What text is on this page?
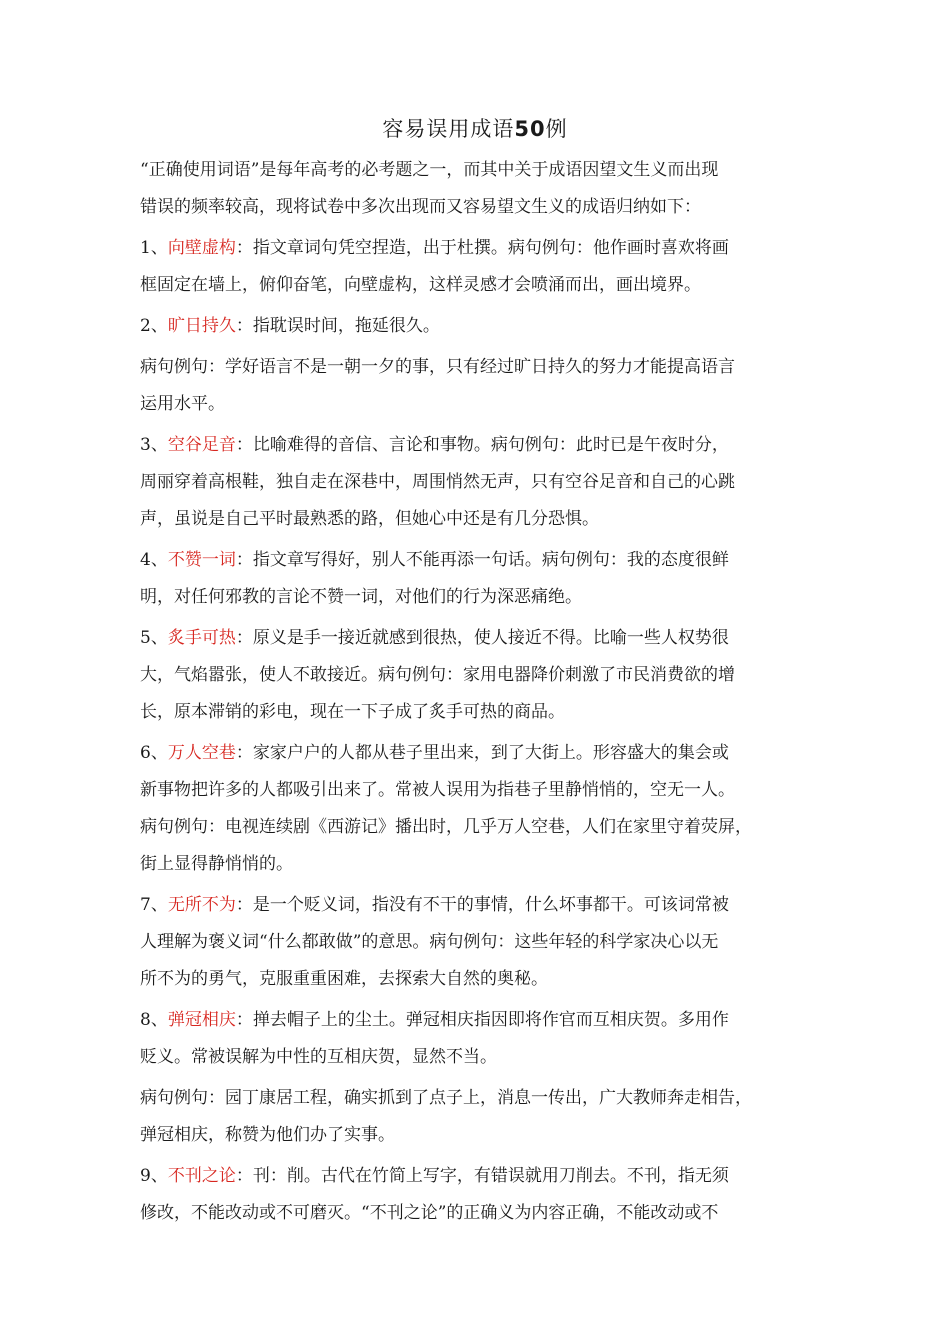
容易误用成语50例

“正确使用词语”是每年高考的必考题之一，而其中关于成语因望文生义而出现
错误的频率较高，现将试卷中多次出现而又容易望文生义的成语归纳如下：

1、向壁虚构：指文章词句凭空捏造，出于杜撰。病句例句：他作画时喜欢将画
框固定在墙上，俯仰奋笔，向壁虚构，这样灵感才会喷涌而出，画出境界。

2、旷日持久：指耽误时间，拖延很久。

病句例句：学好语言不是一朝一夕的事，只有经过旷日持久的努力才能提高语言
运用水平。

3、空谷足音：比喻难得的音信、言论和事物。病句例句：此时已是午夜时分，
周丽穿着高根鞋，独自走在深巷中，周围悄然无声，只有空谷足音和自己的心跳
声，虽说是自己平时最熟悉的路，但她心中还是有几分恐惧。

4、不赞一词：指文章写得好，别人不能再添一句话。病句例句：我的态度很鲜
明，对任何邪教的言论不赞一词，对他们的行为深恶痛绝。

5、炙手可热：原义是手一接近就感到很热，使人接近不得。比喻一些人权势很
大，气焰嚣张，使人不敢接近。病句例句：家用电器降价刺激了市民消费欲的增
长，原本滞销的彩电，现在一下子成了炙手可热的商品。

6、万人空巷：家家户户的人都从巷子里出来，到了大街上。形容盛大的集会或
新事物把许多的人都吸引出来了。常被人误用为指巷子里静悄悄的，空无一人。
病句例句：电视连续剧《西游记》播出时，几乎万人空巷，人们在家里守着荧屏，
街上显得静悄悄的。

7、无所不为：是一个贬义词，指没有不干的事情，什么坏事都干。可该词常被
人理解为褒义词“什么都敢做”的意思。病句例句：这些年轻的科学家决心以无
所不为的勇气，克服重重困难，去探索大自然的奥秘。

8、弹冠相庆：掸去帽子上的尘土。弹冠相庆指因即将作官而互相庆贺。多用作
贬义。常被误解为中性的互相庆贺，显然不当。

病句例句：园丁康居工程，确实抓到了点子上，消息一传出，广大教师奔走相告，
弹冠相庆，称赞为他们办了实事。

9、不刊之论：刊：削。古代在竹简上写字，有错误就用刀削去。不刊，指无须
修改，不能改动或不可磨灭。“不刊之论”的正确义为内容正确，不能改动或不
